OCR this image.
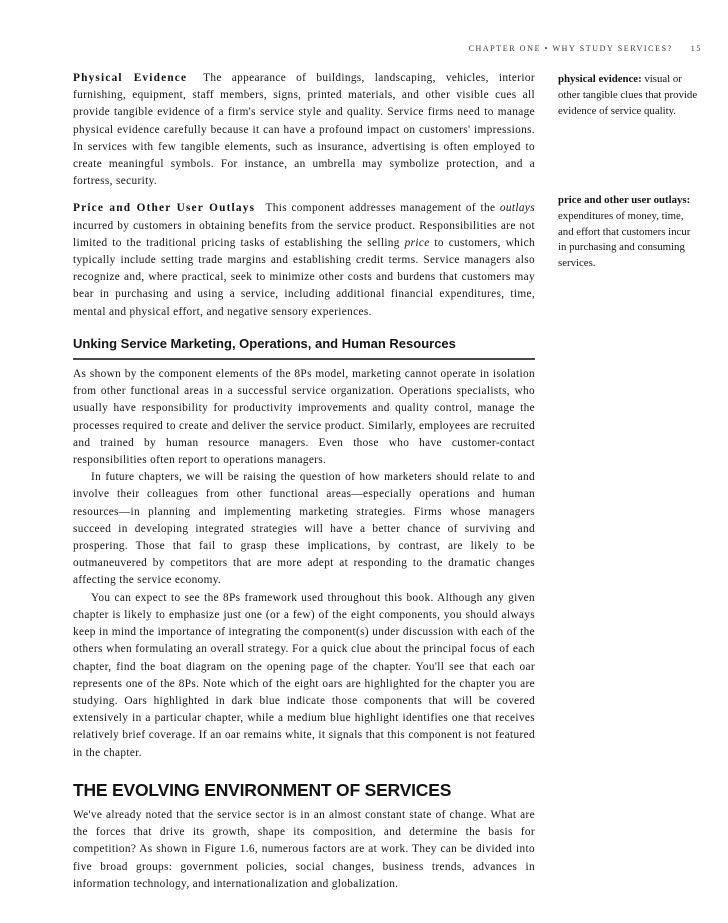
CHAPTER ONE • WHY STUDY SERVICES? 15

Physical Evidence The appearance of buildings, landscaping, vehicles, interior furnishing, equipment, staff members, signs, printed materials, and other visible cues all provide tangible evidence of a firm's service style and quality. Service firms need to manage physical evidence carefully because it can have a profound impact on customers' impressions. In services with few tangible elements, such as insurance, advertising is often employed to create meaningful symbols. For instance, an umbrella may symbolize protection, and a fortress, security.

Price and Other User Outlays This component addresses management of the outlays incurred by customers in obtaining benefits from the service product. Responsibilities are not limited to the traditional pricing tasks of establishing the selling price to customers, which typically include setting trade margins and establishing credit terms. Service managers also recognize and, where practical, seek to minimize other costs and burdens that customers may bear in purchasing and using a service, including additional financial expenditures, time, mental and physical effort, and negative sensory experiences.

Unking Service Marketing, Operations, and Human Resources

As shown by the component elements of the 8Ps model, marketing cannot operate in isolation from other functional areas in a successful service organization. Operations specialists, who usually have responsibility for productivity improvements and quality control, manage the processes required to create and deliver the service product. Similarly, employees are recruited and trained by human resource managers. Even those who have customer-contact responsibilities often report to operations managers.

In future chapters, we will be raising the question of how marketers should relate to and involve their colleagues from other functional areas—especially operations and human resources—in planning and implementing marketing strategies. Firms whose managers succeed in developing integrated strategies will have a better chance of surviving and prospering. Those that fail to grasp these implications, by contrast, are likely to be outmaneuvered by competitors that are more adept at responding to the dramatic changes affecting the service economy.

You can expect to see the 8Ps framework used throughout this book. Although any given chapter is likely to emphasize just one (or a few) of the eight components, you should always keep in mind the importance of integrating the component(s) under discussion with each of the others when formulating an overall strategy. For a quick clue about the principal focus of each chapter, find the boat diagram on the opening page of the chapter. You'll see that each oar represents one of the 8Ps. Note which of the eight oars are highlighted for the chapter you are studying. Oars highlighted in dark blue indicate those components that will be covered extensively in a particular chapter, while a medium blue highlight identifies one that receives relatively brief coverage. If an oar remains white, it signals that this component is not featured in the chapter.

THE EVOLVING ENVIRONMENT OF SERVICES

We've already noted that the service sector is in an almost constant state of change. What are the forces that drive its growth, shape its composition, and determine the basis for competition? As shown in Figure 1.6, numerous factors are at work. They can be divided into five broad groups: government policies, social changes, business trends, advances in information technology, and internationalization and globalization.

physical evidence: visual or other tangible clues that provide evidence of service quality.
price and other user outlays: expenditures of money, time, and effort that customers incur in purchasing and consuming services.
